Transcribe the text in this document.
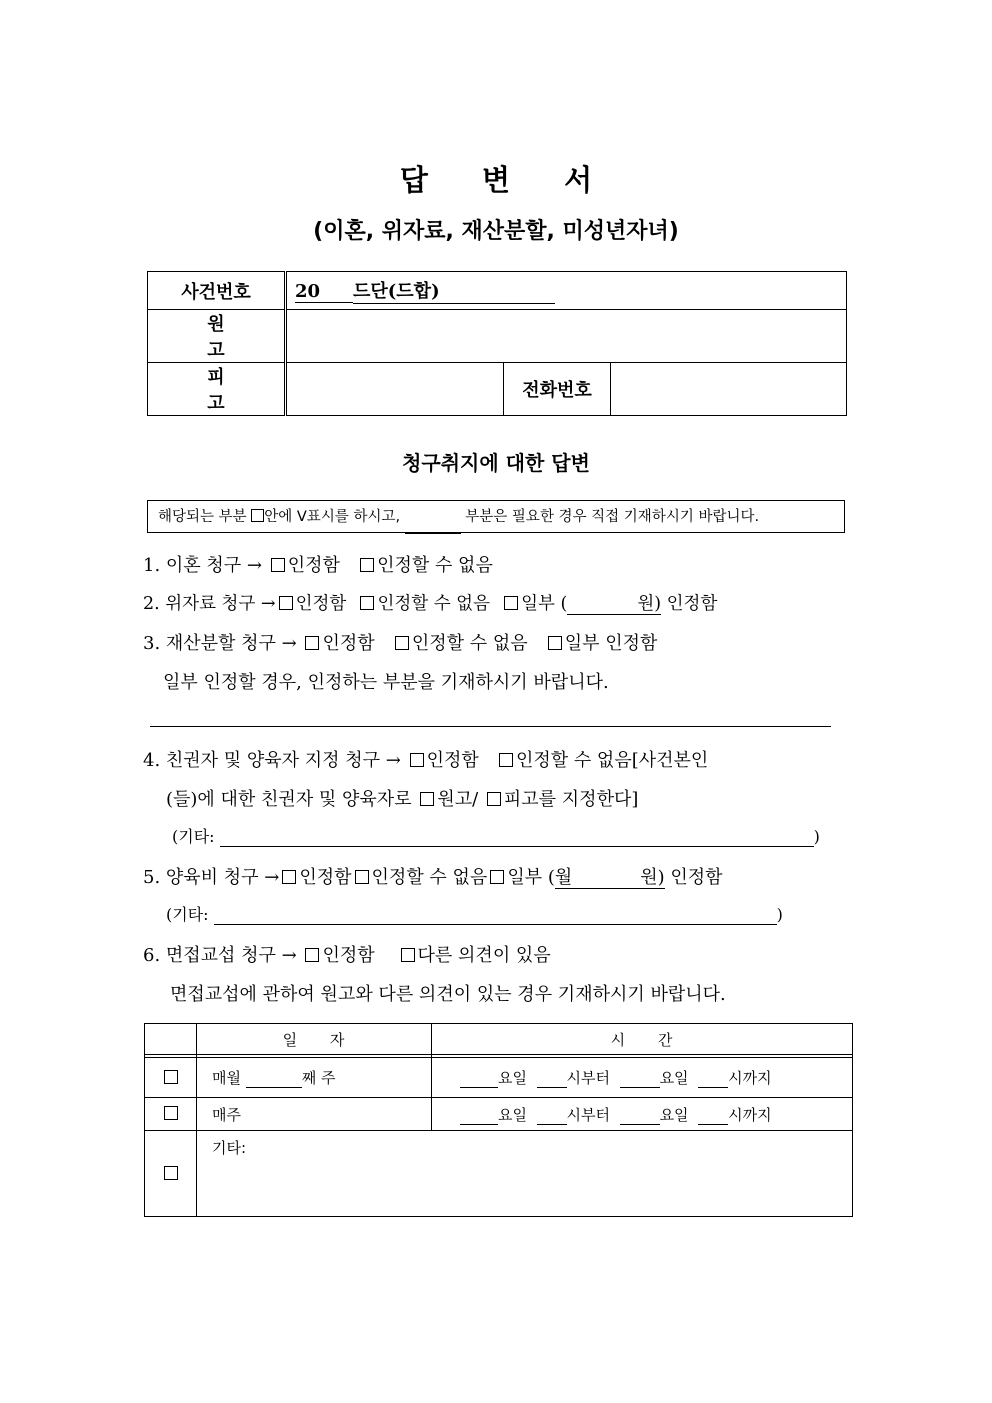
답 변 서
(이혼, 위자료, 재산분할, 미성년자녀)
사건번호	20 드단(드합)		
원 고			
피 고		전화번호	
청구취지에 대한 답변
해당되는 부분 안에 V표시를 하시고,	부분은 필요한 경우 직접 기재하시기 바랍니다.
1. 이혼 청구 → 인정함 인정할 수 없음
2. 위자료 청구 → 인정함 인정할 수 없음 일부 (	원) 인정함
3. 재산분할 청구 → 인정함 인정할 수 없음 일부 인정함
일부 인정할 경우, 인정하는 부분을 기재하시기 바랍니다.
4. 친권자 및 양육자 지정 청구 → 인정함 인정할 수 없음[사건본인
(들)에 대한 친권자 및 양육자로 원고/ 피고를 지정한다]
(기타:	)
5. 양육비 청구 → 인정함 인정할 수 없음 일부 (월	원) 인정함
(기타:	)
6. 면접교섭 청구 → 인정함 다른 의견이 있음
면접교섭에 관하여 원고와 다른 의견이 있는 경우 기재하시기 바랍니다.
	일 자	시 간

	매월 째 주	요일 시부터 요일 시까지
	매주	요일 시부터 요일 시까지
	기타:	
